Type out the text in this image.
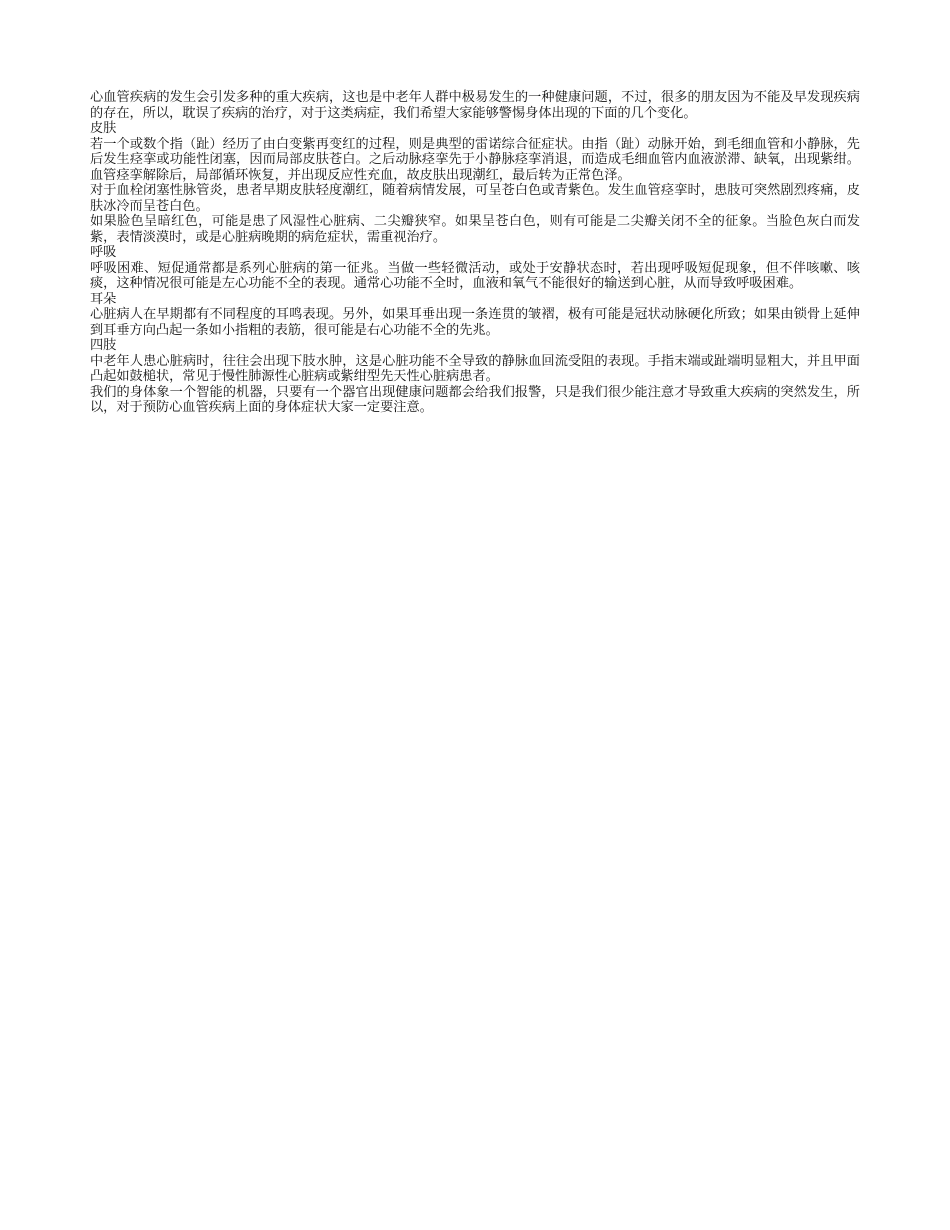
心血管疾病的发生会引发多种的重大疾病，这也是中老年人群中极易发生的一种健康问题，不过，很多的朋友因为不能及早发现疾病的存在，所以，耽误了疾病的治疗，对于这类病症，我们希望大家能够警惕身体出现的下面的几个变化。

皮肤

若一个或数个指（趾）经历了由白变紫再变红的过程，则是典型的雷诺综合征症状。由指（趾）动脉开始，到毛细血管和小静脉，先后发生痉挛或功能性闭塞，因而局部皮肤苍白。之后动脉痉挛先于小静脉痉挛消退，而造成毛细血管内血液淤滞、缺氧，出现紫绀。血管痉挛解除后，局部循环恢复，并出现反应性充血，故皮肤出现潮红，最后转为正常色泽。

对于血栓闭塞性脉管炎，患者早期皮肤轻度潮红，随着病情发展，可呈苍白色或青紫色。发生血管痉挛时，患肢可突然剧烈疼痛，皮肤冰冷而呈苍白色。

如果脸色呈暗红色，可能是患了风湿性心脏病、二尖瓣狭窄。如果呈苍白色，则有可能是二尖瓣关闭不全的征象。当脸色灰白而发紫，表情淡漠时，或是心脏病晚期的病危症状，需重视治疗。

呼吸

呼吸困难、短促通常都是系列心脏病的第一征兆。当做一些轻微活动，或处于安静状态时，若出现呼吸短促现象，但不伴咳嗽、咳痰，这种情况很可能是左心功能不全的表现。通常心功能不全时，血液和氧气不能很好的输送到心脏，从而导致呼吸困难。

耳朵

心脏病人在早期都有不同程度的耳鸣表现。另外，如果耳垂出现一条连贯的皱褶，极有可能是冠状动脉硬化所致；如果由锁骨上延伸到耳垂方向凸起一条如小指粗的表筋，很可能是右心功能不全的先兆。

四肢

中老年人患心脏病时，往往会出现下肢水肿，这是心脏功能不全导致的静脉血回流受阻的表现。手指末端或趾端明显粗大，并且甲面凸起如鼓槌状，常见于慢性肺源性心脏病或紫绀型先天性心脏病患者。

我们的身体象一个智能的机器，只要有一个器官出现健康问题都会给我们报警，只是我们很少能注意才导致重大疾病的突然发生，所以，对于预防心血管疾病上面的身体症状大家一定要注意。
